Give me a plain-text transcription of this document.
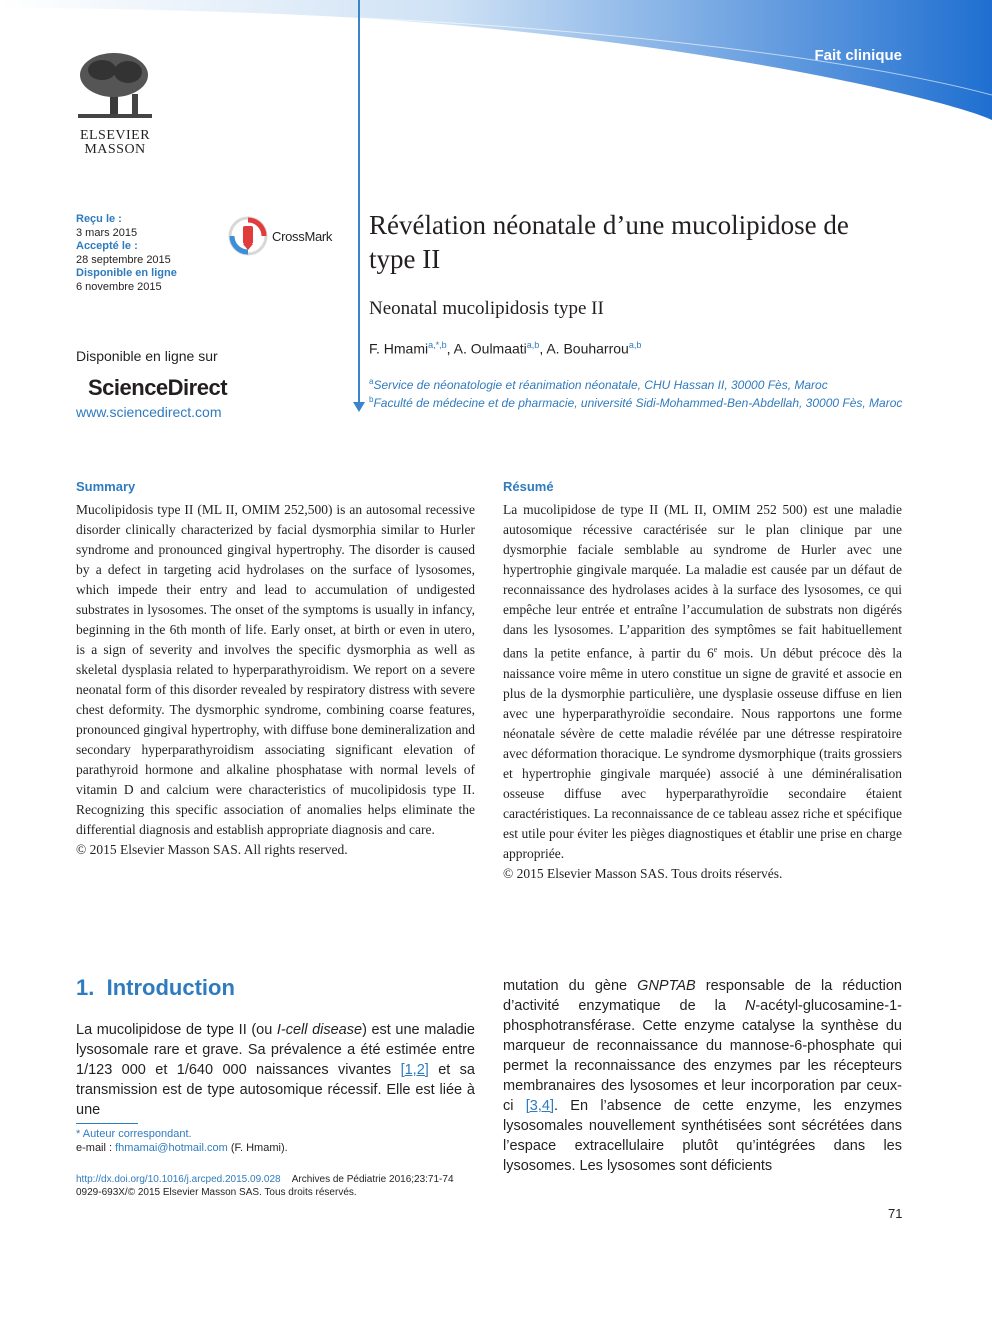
Fait clinique
ELSEVIER
MASSON
Reçu le :
3 mars 2015
Accepté le :
28 septembre 2015
Disponible en ligne
6 novembre 2015
CrossMark
Disponible en ligne sur
ScienceDirect
www.sciencedirect.com
Révélation néonatale d’une mucolipidose de type II
Neonatal mucolipidosis type II
F. Hmami$^{a,*,b}$, A. Oulmaati$^{a,b}$, A. Bouharrou$^{a,b}$
$^a$Service de néonatologie et réanimation néonatale, CHU Hassan II, 30000 Fès, Maroc
$^b$Faculté de médecine et de pharmacie, université Sidi-Mohammed-Ben-Abdellah, 30000 Fès, Maroc
Summary
Mucolipidosis type II (ML II, OMIM 252,500) is an autosomal recessive disorder clinically characterized by facial dysmorphia similar to Hurler syndrome and pronounced gingival hypertrophy. The disorder is caused by a defect in targeting acid hydrolases on the surface of lysosomes, which impede their entry and lead to accumulation of undigested substrates in lysosomes. The onset of the symptoms is usually in infancy, beginning in the 6th month of life. Early onset, at birth or even in utero, is a sign of severity and involves the specific dysmorphia as well as skeletal dysplasia related to hyperparathyroidism. We report on a severe neonatal form of this disorder revealed by respiratory distress with severe chest deformity. The dysmorphic syndrome, combining coarse features, pronounced gingival hypertrophy, with diffuse bone demineralization and secondary hyperparathyroidism associating significant elevation of parathyroid hormone and alkaline phosphatase with normal levels of vitamin D and calcium were characteristics of mucolipidosis type II. Recognizing this specific association of anomalies helps eliminate the differential diagnosis and establish appropriate diagnosis and care.
© 2015 Elsevier Masson SAS. All rights reserved.
Résumé
La mucolipidose de type II (ML II, OMIM 252 500) est une maladie autosomique récessive caractérisée sur le plan clinique par une dysmorphie faciale semblable au syndrome de Hurler avec une hypertrophie gingivale marquée. La maladie est causée par un défaut de reconnaissance des hydrolases acides à la surface des lysosomes, ce qui empêche leur entrée et entraîne l’accumulation de substrats non digérés dans les lysosomes. L’apparition des symptômes se fait habituellement dans la petite enfance, à partir du 6e mois. Un début précoce dès la naissance voire même in utero constitue un signe de gravité et associe en plus de la dysmorphie particulière, une dysplasie osseuse diffuse en lien avec une hyperparathyroïdie secondaire. Nous rapportons une forme néonatale sévère de cette maladie révélée par une détresse respiratoire avec déformation thoracique. Le syndrome dysmorphique (traits grossiers et hypertrophie gingivale marquée) associé à une déminéralisation osseuse diffuse avec hyperparathyroïdie secondaire étaient caractéristiques. La reconnaissance de ce tableau assez riche et spécifique est utile pour éviter les pièges diagnostiques et établir une prise en charge appropriée.
© 2015 Elsevier Masson SAS. Tous droits réservés.
1. Introduction
La mucolipidose de type II (ou I-cell disease) est une maladie lysosomale rare et grave. Sa prévalence a été estimée entre 1/123 000 et 1/640 000 naissances vivantes [1,2] et sa transmission est de type autosomique récessif. Elle est liée à une
mutation du gène GNPTAB responsable de la réduction d’activité enzymatique de la N-acétyl-glucosamine-1-phosphotransférase. Cette enzyme catalyse la synthèse du marqueur de reconnaissance du mannose-6-phosphate qui permet la reconnaissance des enzymes par les récepteurs membranaires des lysosomes et leur incorporation par ceux-ci [3,4]. En l’absence de cette enzyme, les enzymes lysosomales nouvellement synthétisées sont sécrétées dans l’espace extracellulaire plutôt qu’intégrées dans les lysosomes. Les lysosomes sont déficients
* Auteur correspondant.
e-mail : fhmamai@hotmail.com (F. Hmami).
http://dx.doi.org/10.1016/j.arcped.2015.09.028 Archives de Pédiatrie 2016;23:71-74
0929-693X/© 2015 Elsevier Masson SAS. Tous droits réservés.
71
